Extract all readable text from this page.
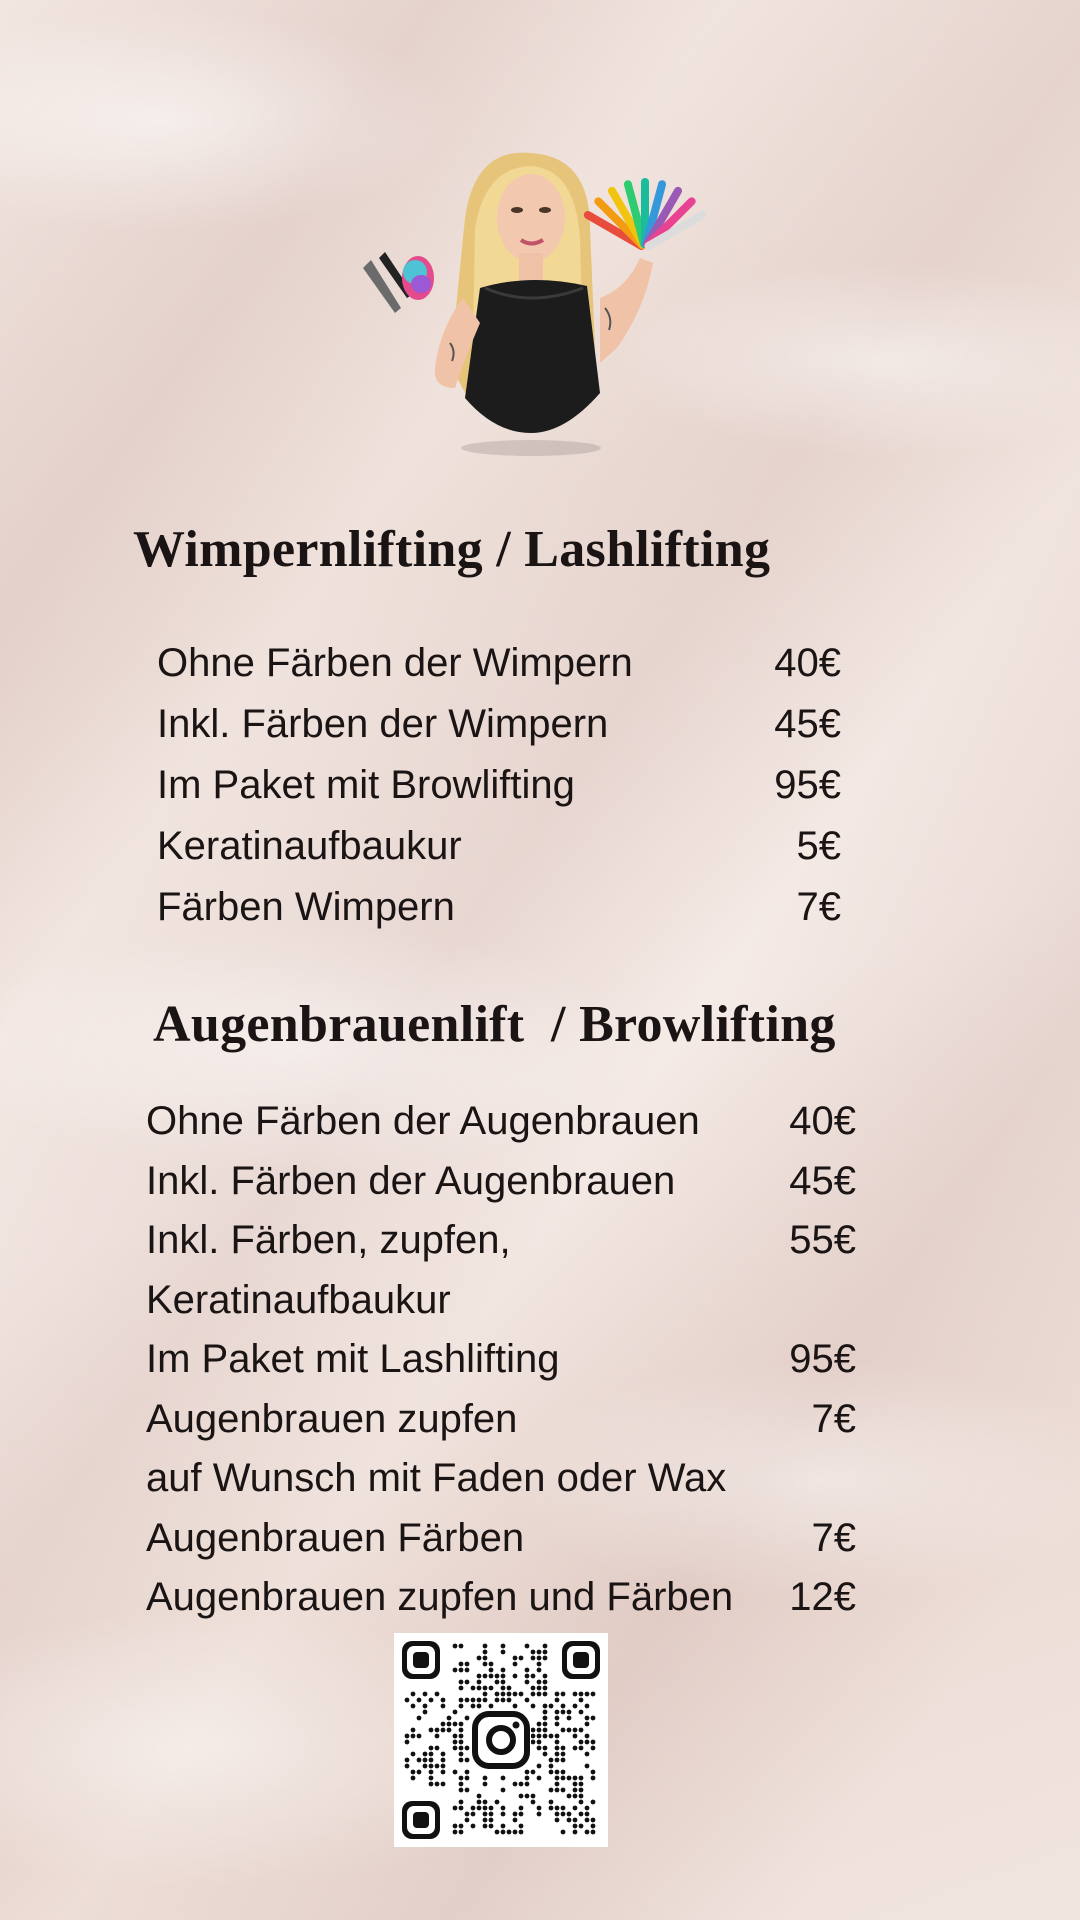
Wimpernlifting / Lashlifting
Ohne Färben der Wimpern	40€
Inkl. Färben der Wimpern	45€
Im Paket mit Browlifting	95€
Keratinaufbaukur	5€
Färben Wimpern	7€
Augenbrauenlift  / Browlifting
Ohne Färben der Augenbrauen 40€
Inkl. Färben der Augenbrauen	45€
Inkl. Färben, zupfen,	55€
Keratinaufbaukur
Im Paket mit Lashlifting	95€
Augenbrauen zupfen	7€
auf Wunsch mit Faden oder Wax
Augenbrauen Färben	7€
Augenbrauen zupfen und Färben 12€
